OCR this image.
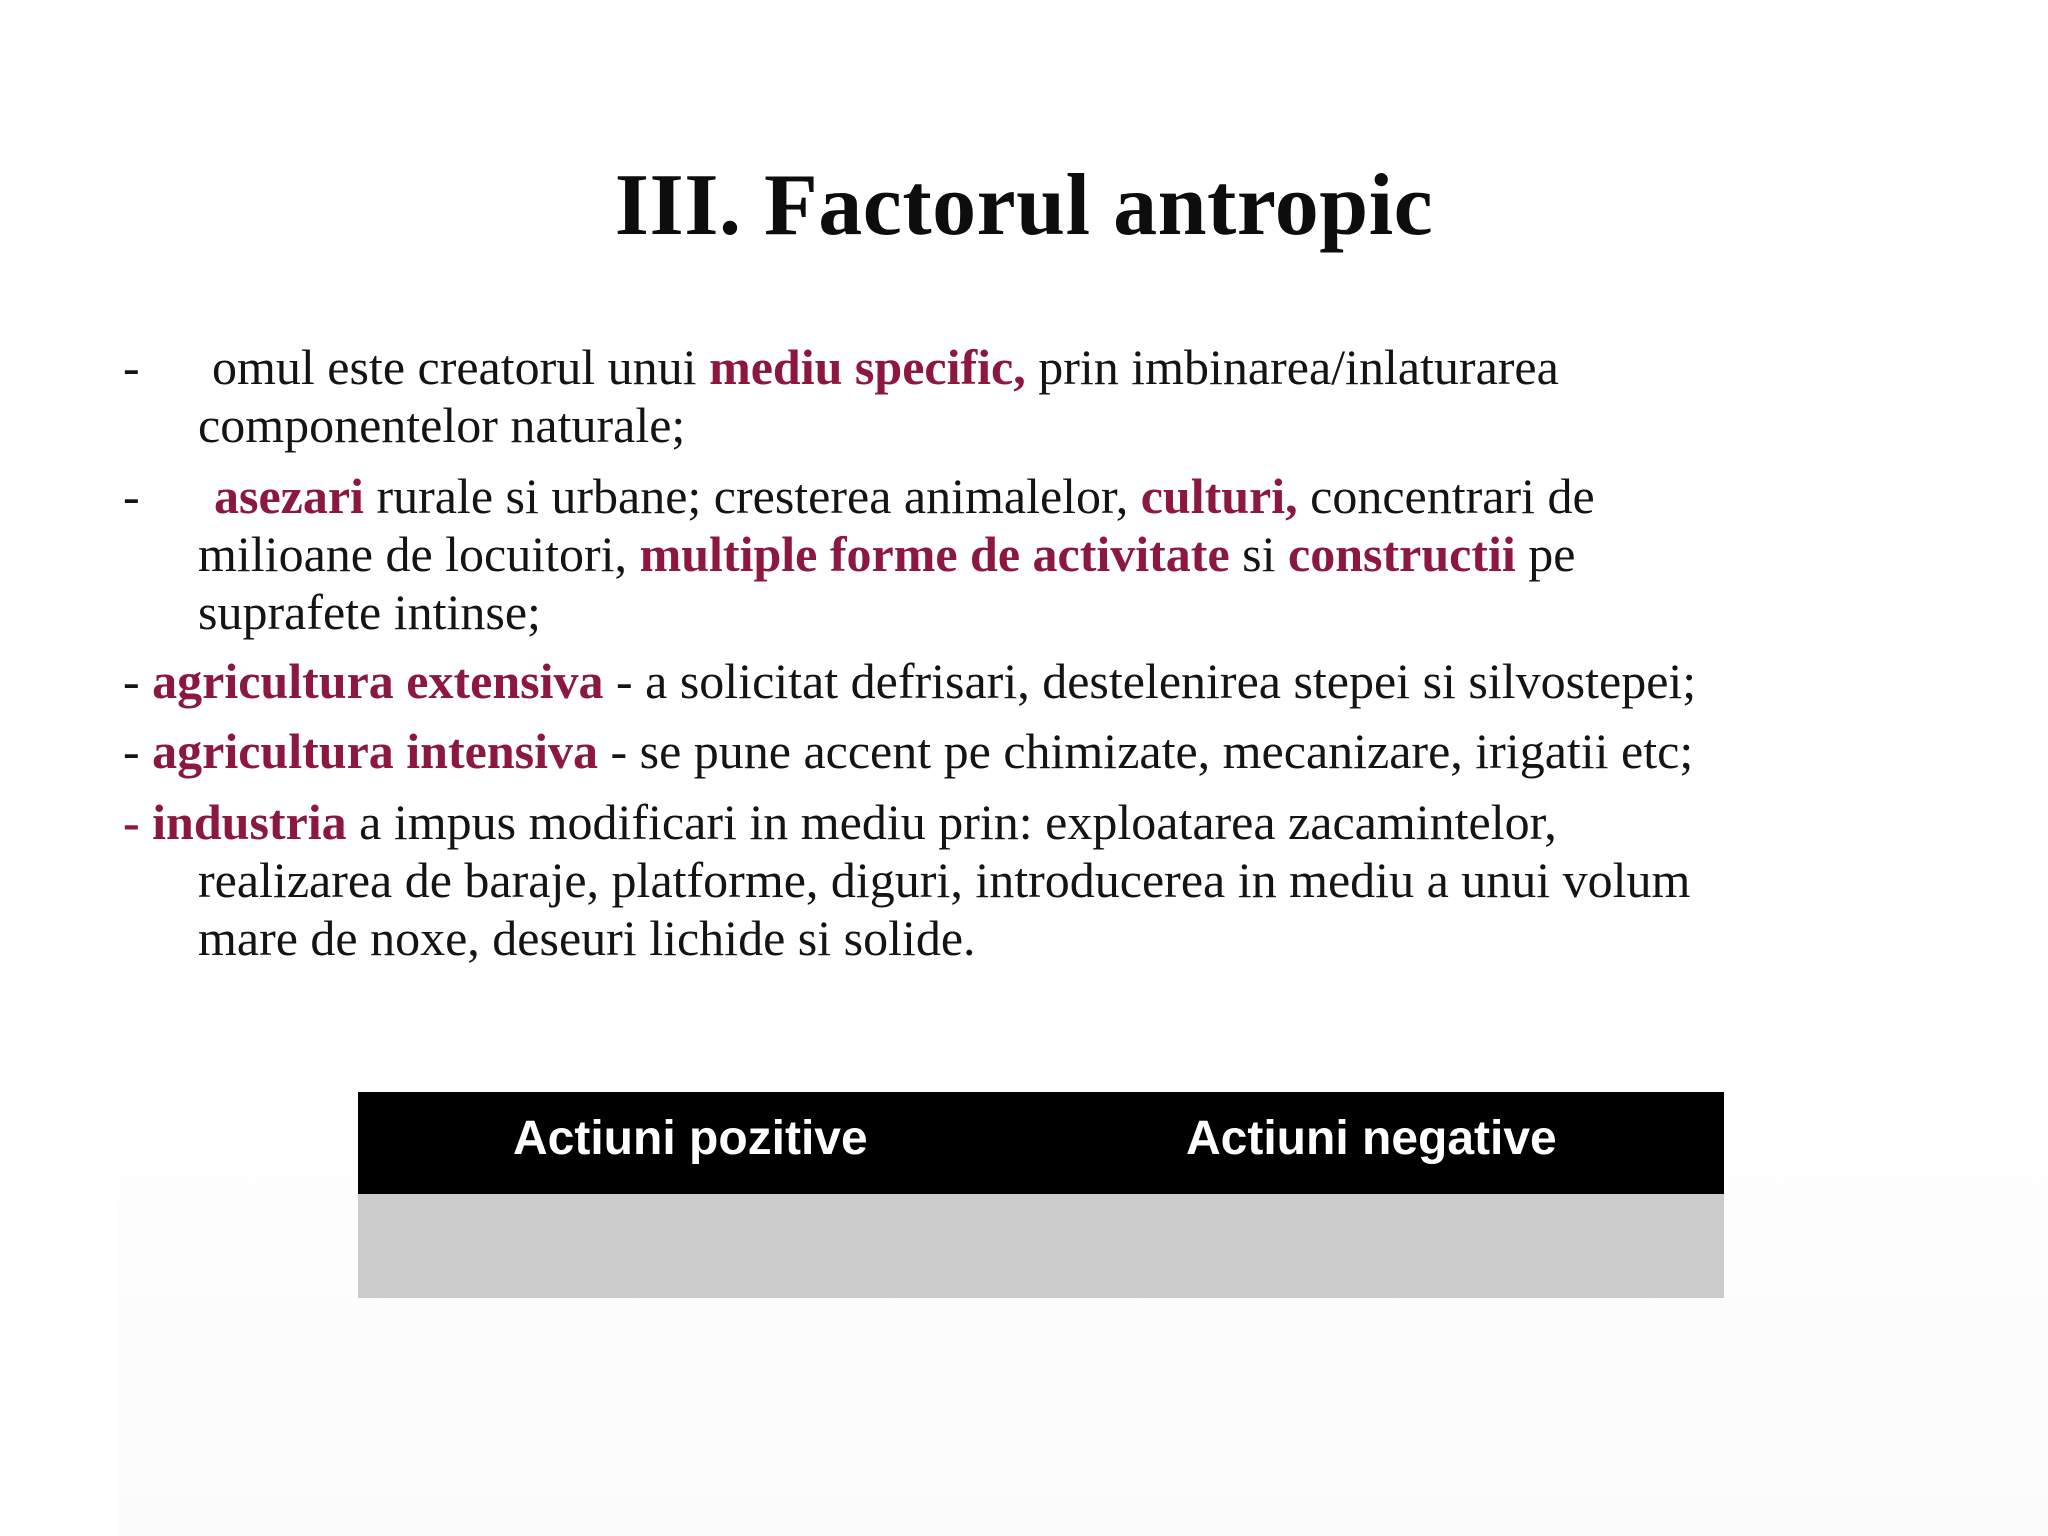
III. Factorul antropic
- omul este creatorul unui mediu specific, prin imbinarea/inlaturarea
componentelor naturale;
- asezari rurale si urbane; cresterea animalelor, culturi, concentrari de
milioane de locuitori, multiple forme de activitate si constructii pe
suprafete intinse;
- agricultura extensiva - a solicitat defrisari, destelenirea stepei si silvostepei;
- agricultura intensiva - se pune accent pe chimizate, mecanizare, irigatii etc;
- industria a impus modificari in mediu prin: exploatarea zacamintelor,
realizarea de baraje, platforme, diguri, introducerea in mediu a unui volum
mare de noxe, deseuri lichide si solide.
Actiuni pozitive	Actiuni negative
